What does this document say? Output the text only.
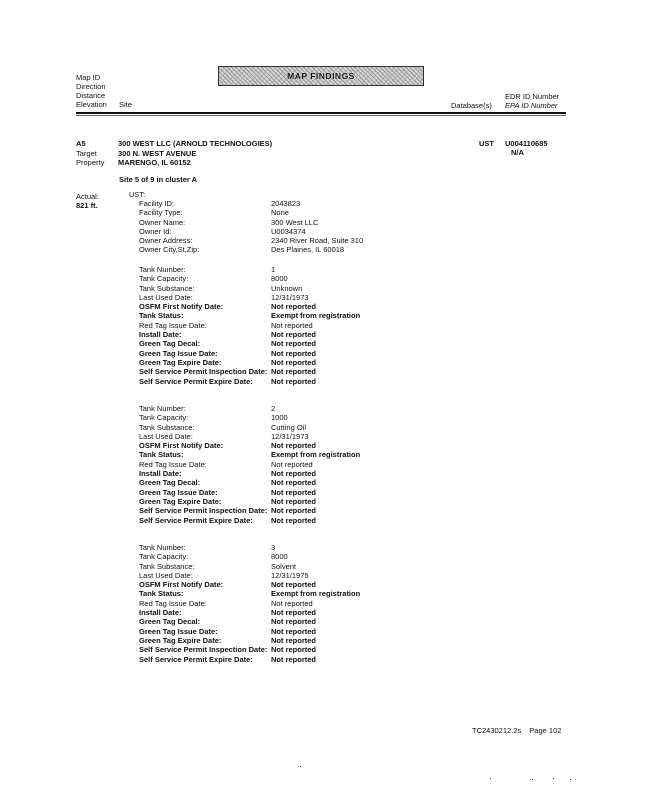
Map ID
Direction
Distance
Elevation Site
MAP FINDINGS
Database(s)
EDR ID Number
EPA ID Number
A5
Target
Property
300 WEST LLC (ARNOLD TECHNOLOGIES)
300 N. WEST AVENUE
MARENGO, IL 60152
UST U004110685
N/A
Site 5 of 9 in cluster A
Actual:
821 ft.
UST:
Facility ID:	2043823
Facility Type:	None
Owner Name:	300 West LLC
Owner Id:	U0034374
Owner Address:	2340 River Road, Suite 310
Owner City,St,Zip:	Des Plaines, IL 60018
Tank Number:	1
Tank Capacity:	8000
Tank Substance:	Unknown
Last Used Date:	12/31/1973
OSFM First Notify Date:	Not reported
Tank Status:	Exempt from registration
Red Tag Issue Date:	Not reported
Install Date:	Not reported
Green Tag Decal:	Not reported
Green Tag Issue Date:	Not reported
Green Tag Expire Date:	Not reported
Self Service Permit Inspection Date: Not reported
Self Service Permit Expire Date: Not reported
Tank Number:	2
Tank Capacity:	1000
Tank Substance:	Cutting Oil
Last Used Date:	12/31/1973
OSFM First Notify Date:	Not reported
Tank Status:	Exempt from registration
Red Tag Issue Date:	Not reported
Install Date:	Not reported
Green Tag Decal:	Not reported
Green Tag Issue Date:	Not reported
Green Tag Expire Date:	Not reported
Self Service Permit Inspection Date: Not reported
Self Service Permit Expire Date: Not reported
Tank Number:	3
Tank Capacity:	8000
Tank Substance:	Solvent
Last Used Date:	12/31/1975
OSFM First Notify Date:	Not reported
Tank Status:	Exempt from registration
Red Tag Issue Date:	Not reported
Install Date:	Not reported
Green Tag Decal:	Not reported
Green Tag Issue Date:	Not reported
Green Tag Expire Date:	Not reported
Self Service Permit Inspection Date: Not reported
Self Service Permit Expire Date: Not reported
TC2430212.2s Page 102
